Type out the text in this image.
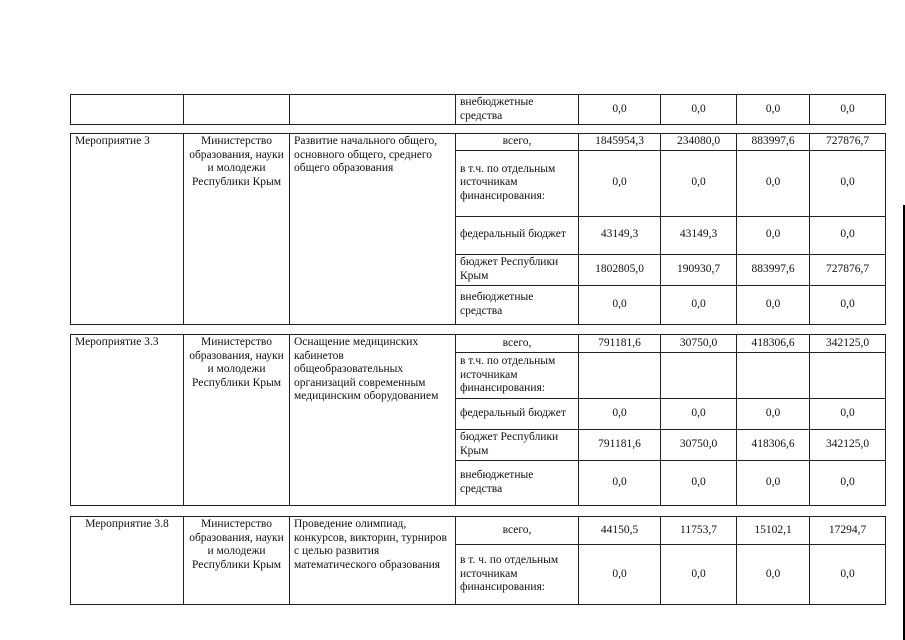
			внебюджетные средства	0,0	0,0	0,0	0,0
Мероприятие 3	Министерство образования, науки и молодежи Республики Крым	Развитие начального общего, основного общего, среднего общего образования	всего,	1845954,3	234080,0	883997,6	727876,7
			в т.ч. по отдельным источникам финансирования:	0,0	0,0	0,0	0,0
			федеральный бюджет	43149,3	43149,3	0,0	0,0
			бюджет Республики Крым	1802805,0	190930,7	883997,6	727876,7
			внебюджетные средства	0,0	0,0	0,0	0,0
Мероприятие 3.3	Министерство образования, науки и молодежи Республики Крым	Оснащение медицинских кабинетов общеобразовательных организаций современным медицинским оборудованием	всего,	791181,6	30750,0	418306,6	342125,0
			в т.ч. по отдельным источникам финансирования:				
			федеральный бюджет	0,0	0,0	0,0	0,0
			бюджет Республики Крым	791181,6	30750,0	418306,6	342125,0
			внебюджетные средства	0,0	0,0	0,0	0,0
Мероприятие 3.8	Министерство образования, науки и молодежи Республики Крым	Проведение олимпиад, конкурсов, викторин, турниров с целью развития математического образования	всего,	44150,5	11753,7	15102,1	17294,7
			в т. ч. по отдельным источникам финансирования:	0,0	0,0	0,0	0,0
